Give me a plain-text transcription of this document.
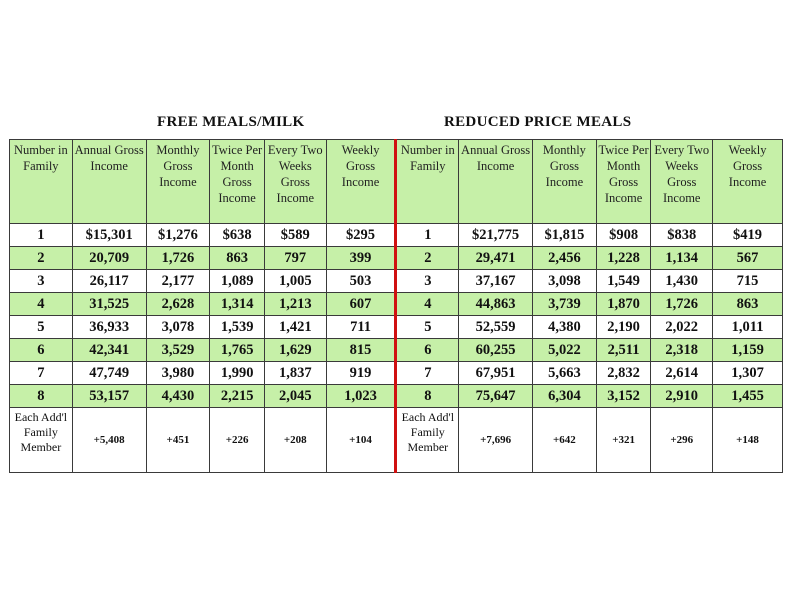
FREE MEALS/MILK	REDUCED PRICE MEALS
Number in Family	Annual Gross Income	Monthly Gross Income	Twice Per Month Gross Income	Every Two Weeks Gross Income	Weekly Gross Income	Number in Family	Annual Gross Income	Monthly Gross Income	Twice Per Month Gross Income	Every Two Weeks Gross Income	Weekly Gross Income
1	$15,301	$1,276	$638	$589	$295	1	$21,775	$1,815	$908	$838	$419
2	20,709	1,726	863	797	399	2	29,471	2,456	1,228	1,134	567
3	26,117	2,177	1,089	1,005	503	3	37,167	3,098	1,549	1,430	715
4	31,525	2,628	1,314	1,213	607	4	44,863	3,739	1,870	1,726	863
5	36,933	3,078	1,539	1,421	711	5	52,559	4,380	2,190	2,022	1,011
6	42,341	3,529	1,765	1,629	815	6	60,255	5,022	2,511	2,318	1,159
7	47,749	3,980	1,990	1,837	919	7	67,951	5,663	2,832	2,614	1,307
8	53,157	4,430	2,215	2,045	1,023	8	75,647	6,304	3,152	2,910	1,455
Each Add'l Family Member	+5,408	+451	+226	+208	+104	Each Add'l Family Member	+7,696	+642	+321	+296	+148
